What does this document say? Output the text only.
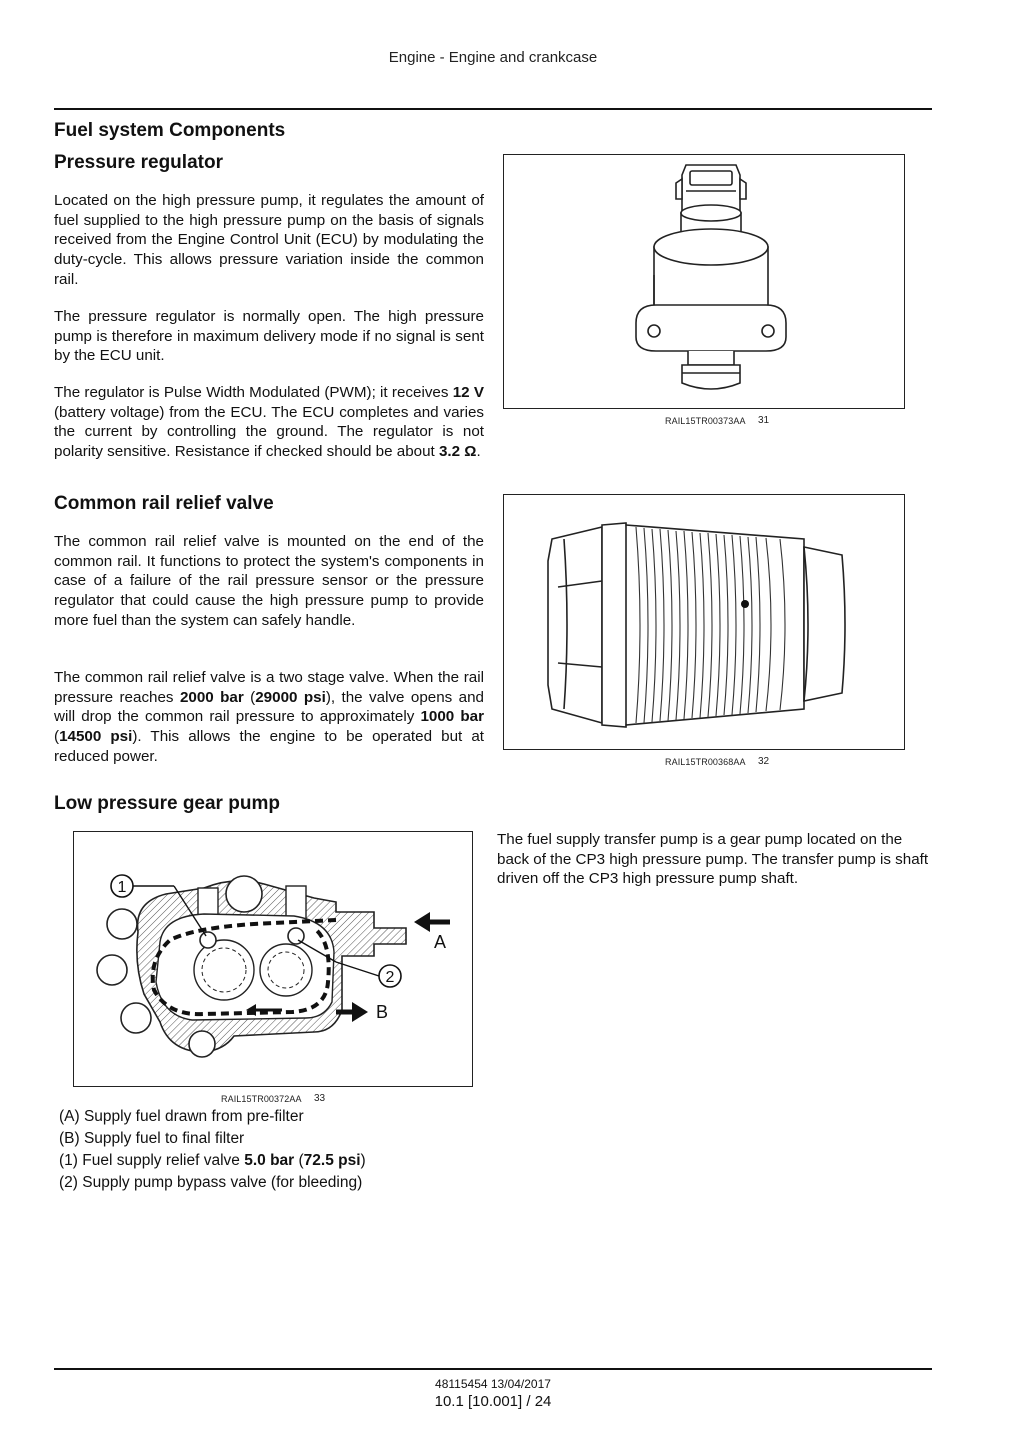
Engine - Engine and crankcase
Fuel system Components
Pressure regulator

Located on the high pressure pump, it regulates the amount of fuel supplied to the high pressure pump on the basis of signals received from the Engine Control Unit (ECU) by modulating the duty-cycle. This allows pressure variation inside the common rail.

The pressure regulator is normally open. The high pressure pump is therefore in maximum delivery mode if no signal is sent by the ECU unit.

The regulator is Pulse Width Modulated (PWM); it receives 12 V (battery voltage) from the ECU. The ECU completes and varies the current by controlling the ground. The regulator is not polarity sensitive. Resistance if checked should be about 3.2 Ω.

RAIL15TR00373AA 31
Common rail relief valve

The common rail relief valve is mounted on the end of the common rail. It functions to protect the system's components in case of a failure of the rail pressure sensor or the pressure regulator that could cause the high pressure pump to provide more fuel than the system can safely handle.

The common rail relief valve is a two stage valve. When the rail pressure reaches 2000 bar (29000 psi), the valve opens and will drop the common rail pressure to approximately 1000 bar (14500 psi). This allows the engine to be operated but at reduced power.	RAIL15TR00368AA 32
Low pressure gear pump

The fuel supply transfer pump is a gear pump located on the back of the CP3 high pressure pump. The transfer pump is shaft driven off the CP3 high pressure pump shaft.

1
2
A
B
RAIL15TR00372AA 33
(A) Supply fuel drawn from pre-filter
(B) Supply fuel to final filter
(1) Fuel supply relief valve 5.0 bar (72.5 psi)
(2) Supply pump bypass valve (for bleeding)
48115454 13/04/2017
10.1 [10.001] / 24
